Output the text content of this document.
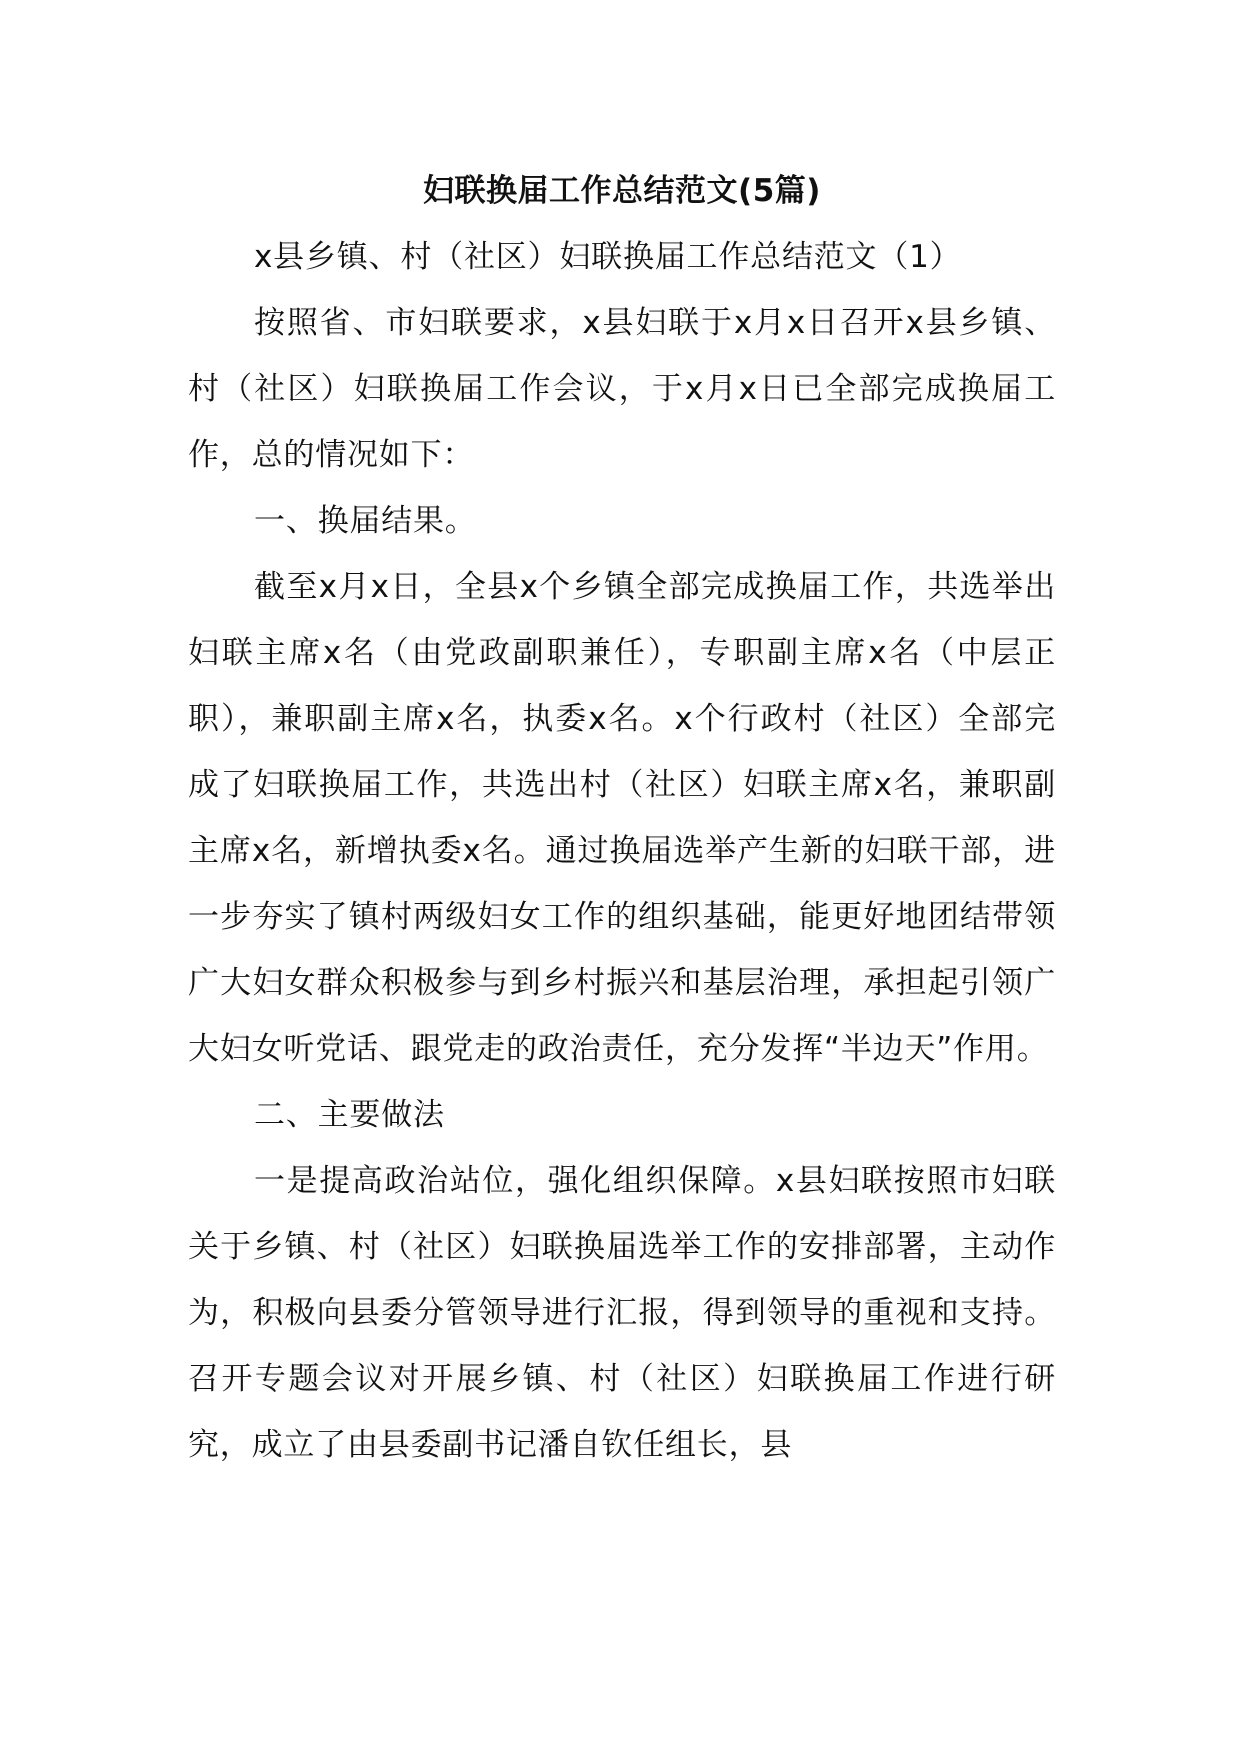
妇联换届工作总结范文(5篇)

x县乡镇、村（社区）妇联换届工作总结范文（1）

按照省、市妇联要求，x县妇联于x月x日召开x县乡镇、村（社区）妇联换届工作会议，于x月x日已全部完成换届工作，总的情况如下：

一、换届结果。

截至x月x日，全县x个乡镇全部完成换届工作，共选举出妇联主席x名（由党政副职兼任），专职副主席x名（中层正职），兼职副主席x名，执委x名。x个行政村（社区）全部完成了妇联换届工作，共选出村（社区）妇联主席x名，兼职副主席x名，新增执委x名。通过换届选举产生新的妇联干部，进一步夯实了镇村两级妇女工作的组织基础，能更好地团结带领广大妇女群众积极参与到乡村振兴和基层治理，承担起引领广大妇女听党话、跟党走的政治责任，充分发挥“半边天”作用。

二、主要做法

一是提高政治站位，强化组织保障。x县妇联按照市妇联关于乡镇、村（社区）妇联换届选举工作的安排部署，主动作为，积极向县委分管领导进行汇报，得到领导的重视和支持。召开专题会议对开展乡镇、村（社区）妇联换届工作进行研究，成立了由县委副书记潘自钦任组长，县
